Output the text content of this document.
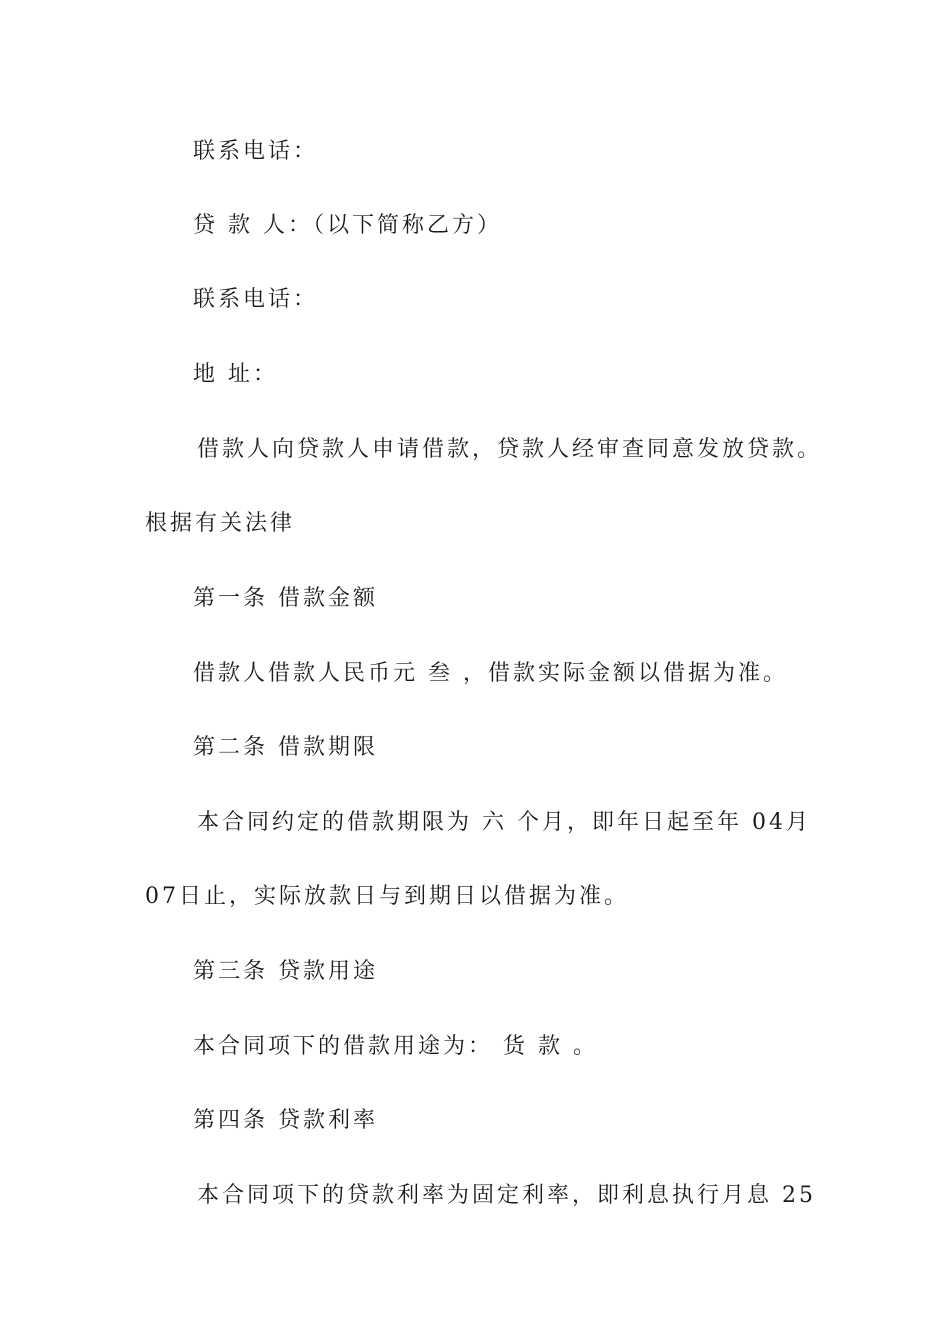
联系电话：
贷 款 人：（以下简称乙方）
联系电话：
地 址：
借款人向贷款人申请借款，贷款人经审查同意发放贷款。
根据有关法律
第一条 借款金额
借款人借款人民币元 叁 ，借款实际金额以借据为准。
第二条 借款期限
本合同约定的借款期限为 六 个月，即年日起至年 04月
07日止，实际放款日与到期日以借据为准。
第三条 贷款用途
本合同项下的借款用途为： 货 款 。
第四条 贷款利率
本合同项下的贷款利率为固定利率，即利息执行月息 25
